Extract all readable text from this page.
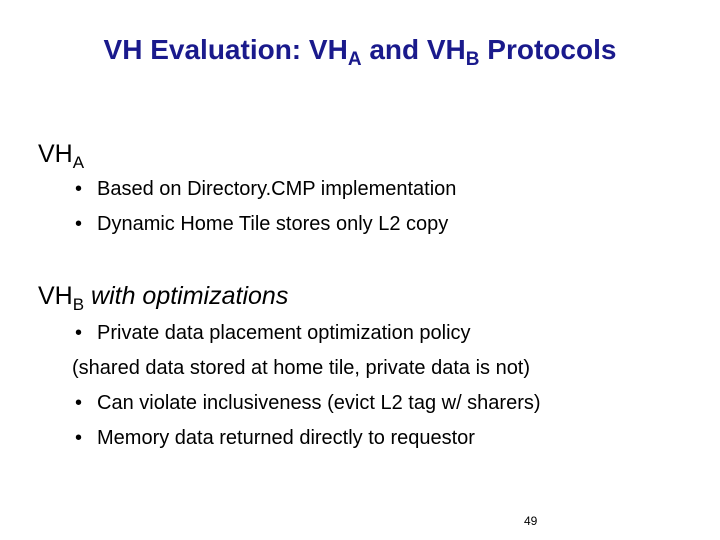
VH Evaluation: $VH_A$ and $VH_B$ Protocols
$VH_A$
• Based on Directory.CMP implementation
• Dynamic Home Tile stores only L2 copy
$VH_B$ with optimizations
• Private data placement optimization policy
(shared data stored at home tile, private data is not)
• Can violate inclusiveness (evict L2 tag w/ sharers)
• Memory data returned directly to requestor
49
